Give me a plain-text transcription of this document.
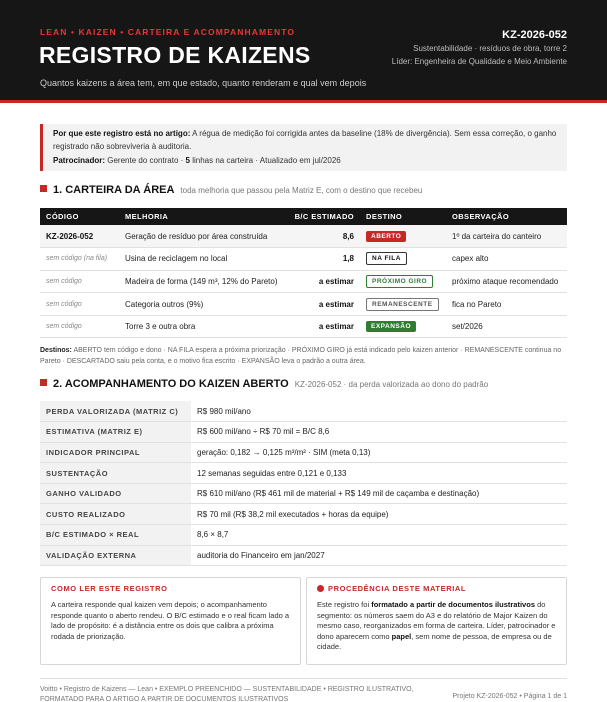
LEAN • KAIZEN • CARTEIRA E ACOMPANHAMENTO
REGISTRO DE KAIZENS
Quantos kaizens a área tem, em que estado, quanto renderam e qual vem depois
KZ-2026-052
Sustentabilidade · resíduos de obra, torre 2
Líder: Engenheira de Qualidade e Meio Ambiente
Por que este registro está no artigo: A régua de medição foi corrigida antes da baseline (18% de divergência). Sem essa correção, o ganho registrado não sobreviveria à auditoria.
Patrocinador: Gerente do contrato · 5 linhas na carteira · Atualizado em jul/2026
1. CARTEIRA DA ÁREA toda melhoria que passou pela Matriz E, com o destino que recebeu
CÓDIGO	MELHORIA	B/C ESTIMADO	DESTINO	OBSERVAÇÃO
KZ-2026-052	Geração de resíduo por área construída	8,6	ABERTO	1º da carteira do canteiro
sem código (na fila)	Usina de reciclagem no local	1,8	NA FILA	capex alto
sem código	Madeira de forma (149 m³, 12% do Pareto)	a estimar	PRÓXIMO GIRO	próximo ataque recomendado
sem código	Categoria outros (9%)	a estimar	REMANESCENTE	fica no Pareto
sem código	Torre 3 e outra obra	a estimar	EXPANSÃO	set/2026
Destinos: ABERTO tem código e dono · NA FILA espera a próxima priorização · PRÓXIMO GIRO já está indicado pelo kaizen anterior · REMANESCENTE continua no Pareto · DESCARTADO saiu pela conta, e o motivo fica escrito · EXPANSÃO leva o padrão a outra área.
2. ACOMPANHAMENTO DO KAIZEN ABERTO KZ-2026-052 · da perda valorizada ao dono do padrão
PERDA VALORIZADA (MATRIZ C)	R$ 980 mil/ano
ESTIMATIVA (MATRIZ E)	R$ 600 mil/ano ÷ R$ 70 mil = B/C 8,6
INDICADOR PRINCIPAL	geração: 0,182 → 0,125 m³/m² · SIM (meta 0,13)
SUSTENTAÇÃO	12 semanas seguidas entre 0,121 e 0,133
GANHO VALIDADO	R$ 610 mil/ano (R$ 461 mil de material + R$ 149 mil de caçamba e destinação)
CUSTO REALIZADO	R$ 70 mil (R$ 38,2 mil executados + horas da equipe)
B/C ESTIMADO × REAL	8,6 × 8,7
VALIDAÇÃO EXTERNA	auditoria do Financeiro em jan/2027
COMO LER ESTE REGISTRO
A carteira responde qual kaizen vem depois; o acompanhamento responde quanto o aberto rendeu. O B/C estimado e o real ficam lado a lado de propósito: é a distância entre os dois que calibra a próxima rodada de priorização.
PROCEDÊNCIA DESTE MATERIAL
Este registro foi formatado a partir de documentos ilustrativos do segmento: os números saem do A3 e do relatório de Major Kaizen do mesmo caso, reorganizados em forma de carteira. Líder, patrocinador e dono aparecem como papel, sem nome de pessoa, de empresa ou de cidade.
Voitto • Registro de Kaizens — Lean • EXEMPLO PREENCHIDO — SUSTENTABILIDADE • REGISTRO ILUSTRATIVO, FORMATADO PARA O ARTIGO A PARTIR DE DOCUMENTOS ILUSTRATIVOS	Projeto KZ-2026-052 • Página 1 de 1
